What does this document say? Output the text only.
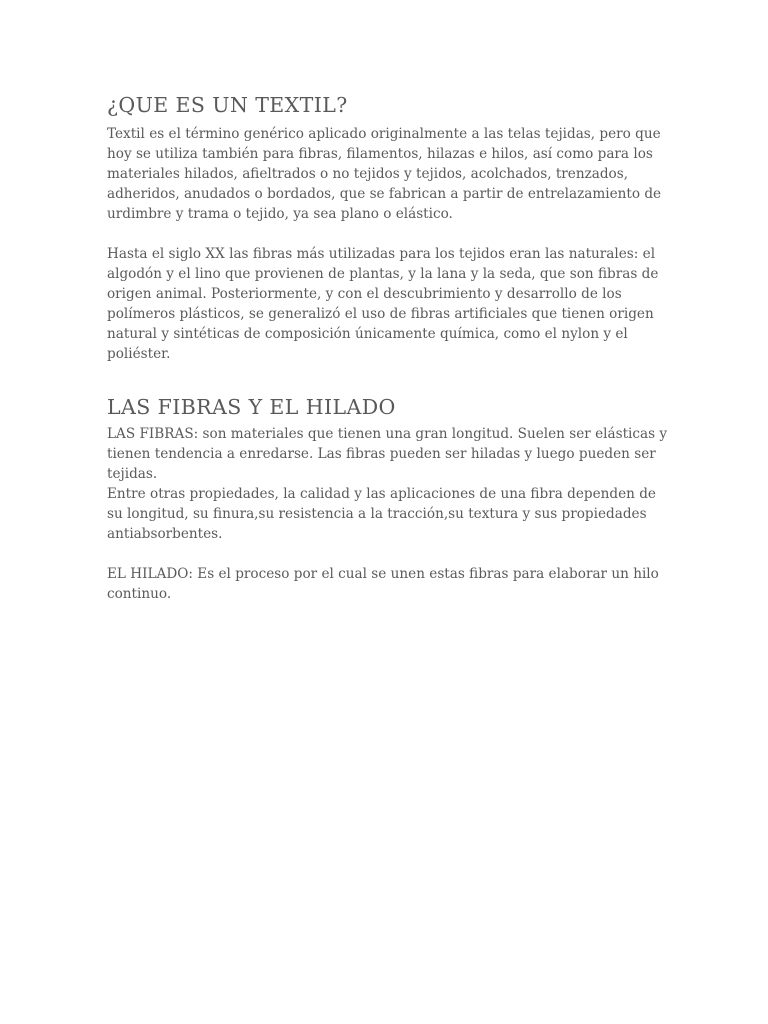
¿QUE ES UN TEXTIL?

Textil es el término genérico aplicado originalmente a las telas tejidas, pero que
hoy se utiliza también para fibras, filamentos, hilazas e hilos, así como para los
materiales hilados, afieltrados o no tejidos y tejidos, acolchados, trenzados,
adheridos, anudados o bordados, que se fabrican a partir de entrelazamiento de
urdimbre y trama o tejido, ya sea plano o elástico.

Hasta el siglo XX las fibras más utilizadas para los tejidos eran las naturales: el
algodón y el lino que provienen de plantas, y la lana y la seda, que son fibras de
origen animal. Posteriormente, y con el descubrimiento y desarrollo de los
polímeros plásticos, se generalizó el uso de fibras artificiales que tienen origen
natural y sintéticas de composición únicamente química, como el nylon y el
poliéster.

LAS FIBRAS Y EL HILADO

LAS FIBRAS: son materiales que tienen una gran longitud. Suelen ser elásticas y
tienen tendencia a enredarse. Las fibras pueden ser hiladas y luego pueden ser
tejidas.
Entre otras propiedades, la calidad y las aplicaciones de una fibra dependen de
su longitud, su finura,su resistencia a la tracción,su textura y sus propiedades
antiabsorbentes.

EL HILADO: Es el proceso por el cual se unen estas fibras para elaborar un hilo
continuo.
